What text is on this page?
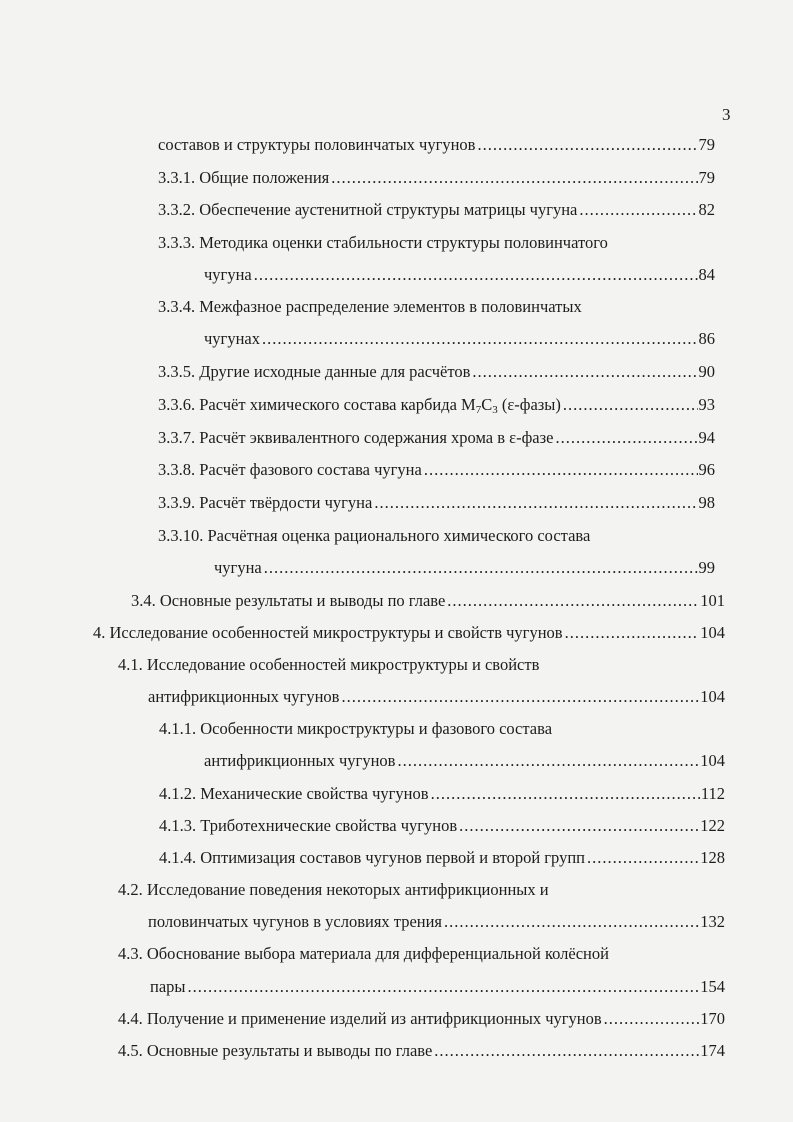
3
составов и структуры половинчатых чугунов .....	79
3.3.1. Общие положения .....	79
3.3.2. Обеспечение аустенитной структуры матрицы чугуна .....	82
3.3.3. Методика оценки стабильности структуры половинчатого
чугуна .....	84
3.3.4. Межфазное распределение элементов в половинчатых
чугунах .....	86
3.3.5. Другие исходные данные для расчётов .....	90
3.3.6. Расчёт химического состава карбида $M_7C_3$ (ε-фазы) .....	93
3.3.7. Расчёт эквивалентного содержания хрома в ε-фазе .....	94
3.3.8. Расчёт фазового состава чугуна .....	96
3.3.9. Расчёт твёрдости чугуна .....	98
3.3.10. Расчётная оценка рационального химического состава
чугуна .....	99
3.4. Основные результаты и выводы по главе .....	101
4. Исследование особенностей микроструктуры и свойств чугунов .....	104
4.1. Исследование особенностей микроструктуры и свойств
антифрикционных чугунов .....	104
4.1.1. Особенности микроструктуры и фазового состава
антифрикционных чугунов .....	104
4.1.2. Механические свойства чугунов .....	112
4.1.3. Триботехнические свойства чугунов .....	122
4.1.4. Оптимизация составов чугунов первой и второй групп .....	128
4.2. Исследование поведения некоторых антифрикционных и
половинчатых чугунов в условиях трения .....	132
4.3. Обоснование выбора материала для дифференциальной колёсной
пары .....	154
4.4. Получение и применение изделий из антифрикционных чугунов .....	170
4.5. Основные результаты и выводы по главе .....	174
